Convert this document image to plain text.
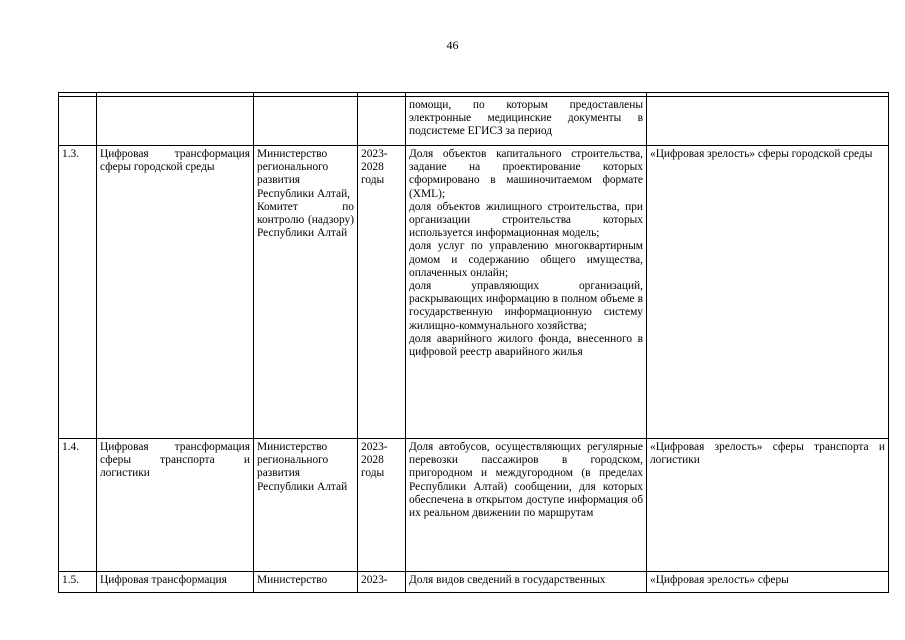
46

				помощи, по которым предоставлены электронные медицинские документы в подсистеме ЕГИСЗ за период	
1.3.	Цифровая трансформация сферы городской среды	Министерство регионального развития Республики Алтай,
Комитет по контролю (надзору) Республики Алтай	2023-2028 годы	Доля объектов капитального строительства, задание на проектирование которых сформировано в машиночитаемом формате (XML);
доля объектов жилищного строительства, при организации строительства которых используется информационная модель;
доля услуг по управлению многоквартирным домом и содержанию общего имущества, оплаченных онлайн;
доля управляющих организаций, раскрывающих информацию в полном объеме в государственную информационную систему жилищно-коммунального хозяйства;
доля аварийного жилого фонда, внесенного в цифровой реестр аварийного жилья	«Цифровая зрелость» сферы городской среды
1.4.	Цифровая трансформация сферы транспорта и логистики	Министерство регионального развития Республики Алтай	2023-2028 годы	Доля автобусов, осуществляющих регулярные перевозки пассажиров в городском, пригородном и междугородном (в пределах Республики Алтай) сообщении, для которых обеспечена в открытом доступе информация об их реальном движении по маршрутам	«Цифровая зрелость» сферы транспорта и логистики
1.5.	Цифровая трансформация	Министерство	2023-	Доля видов сведений в государственных	«Цифровая зрелость» сферы
